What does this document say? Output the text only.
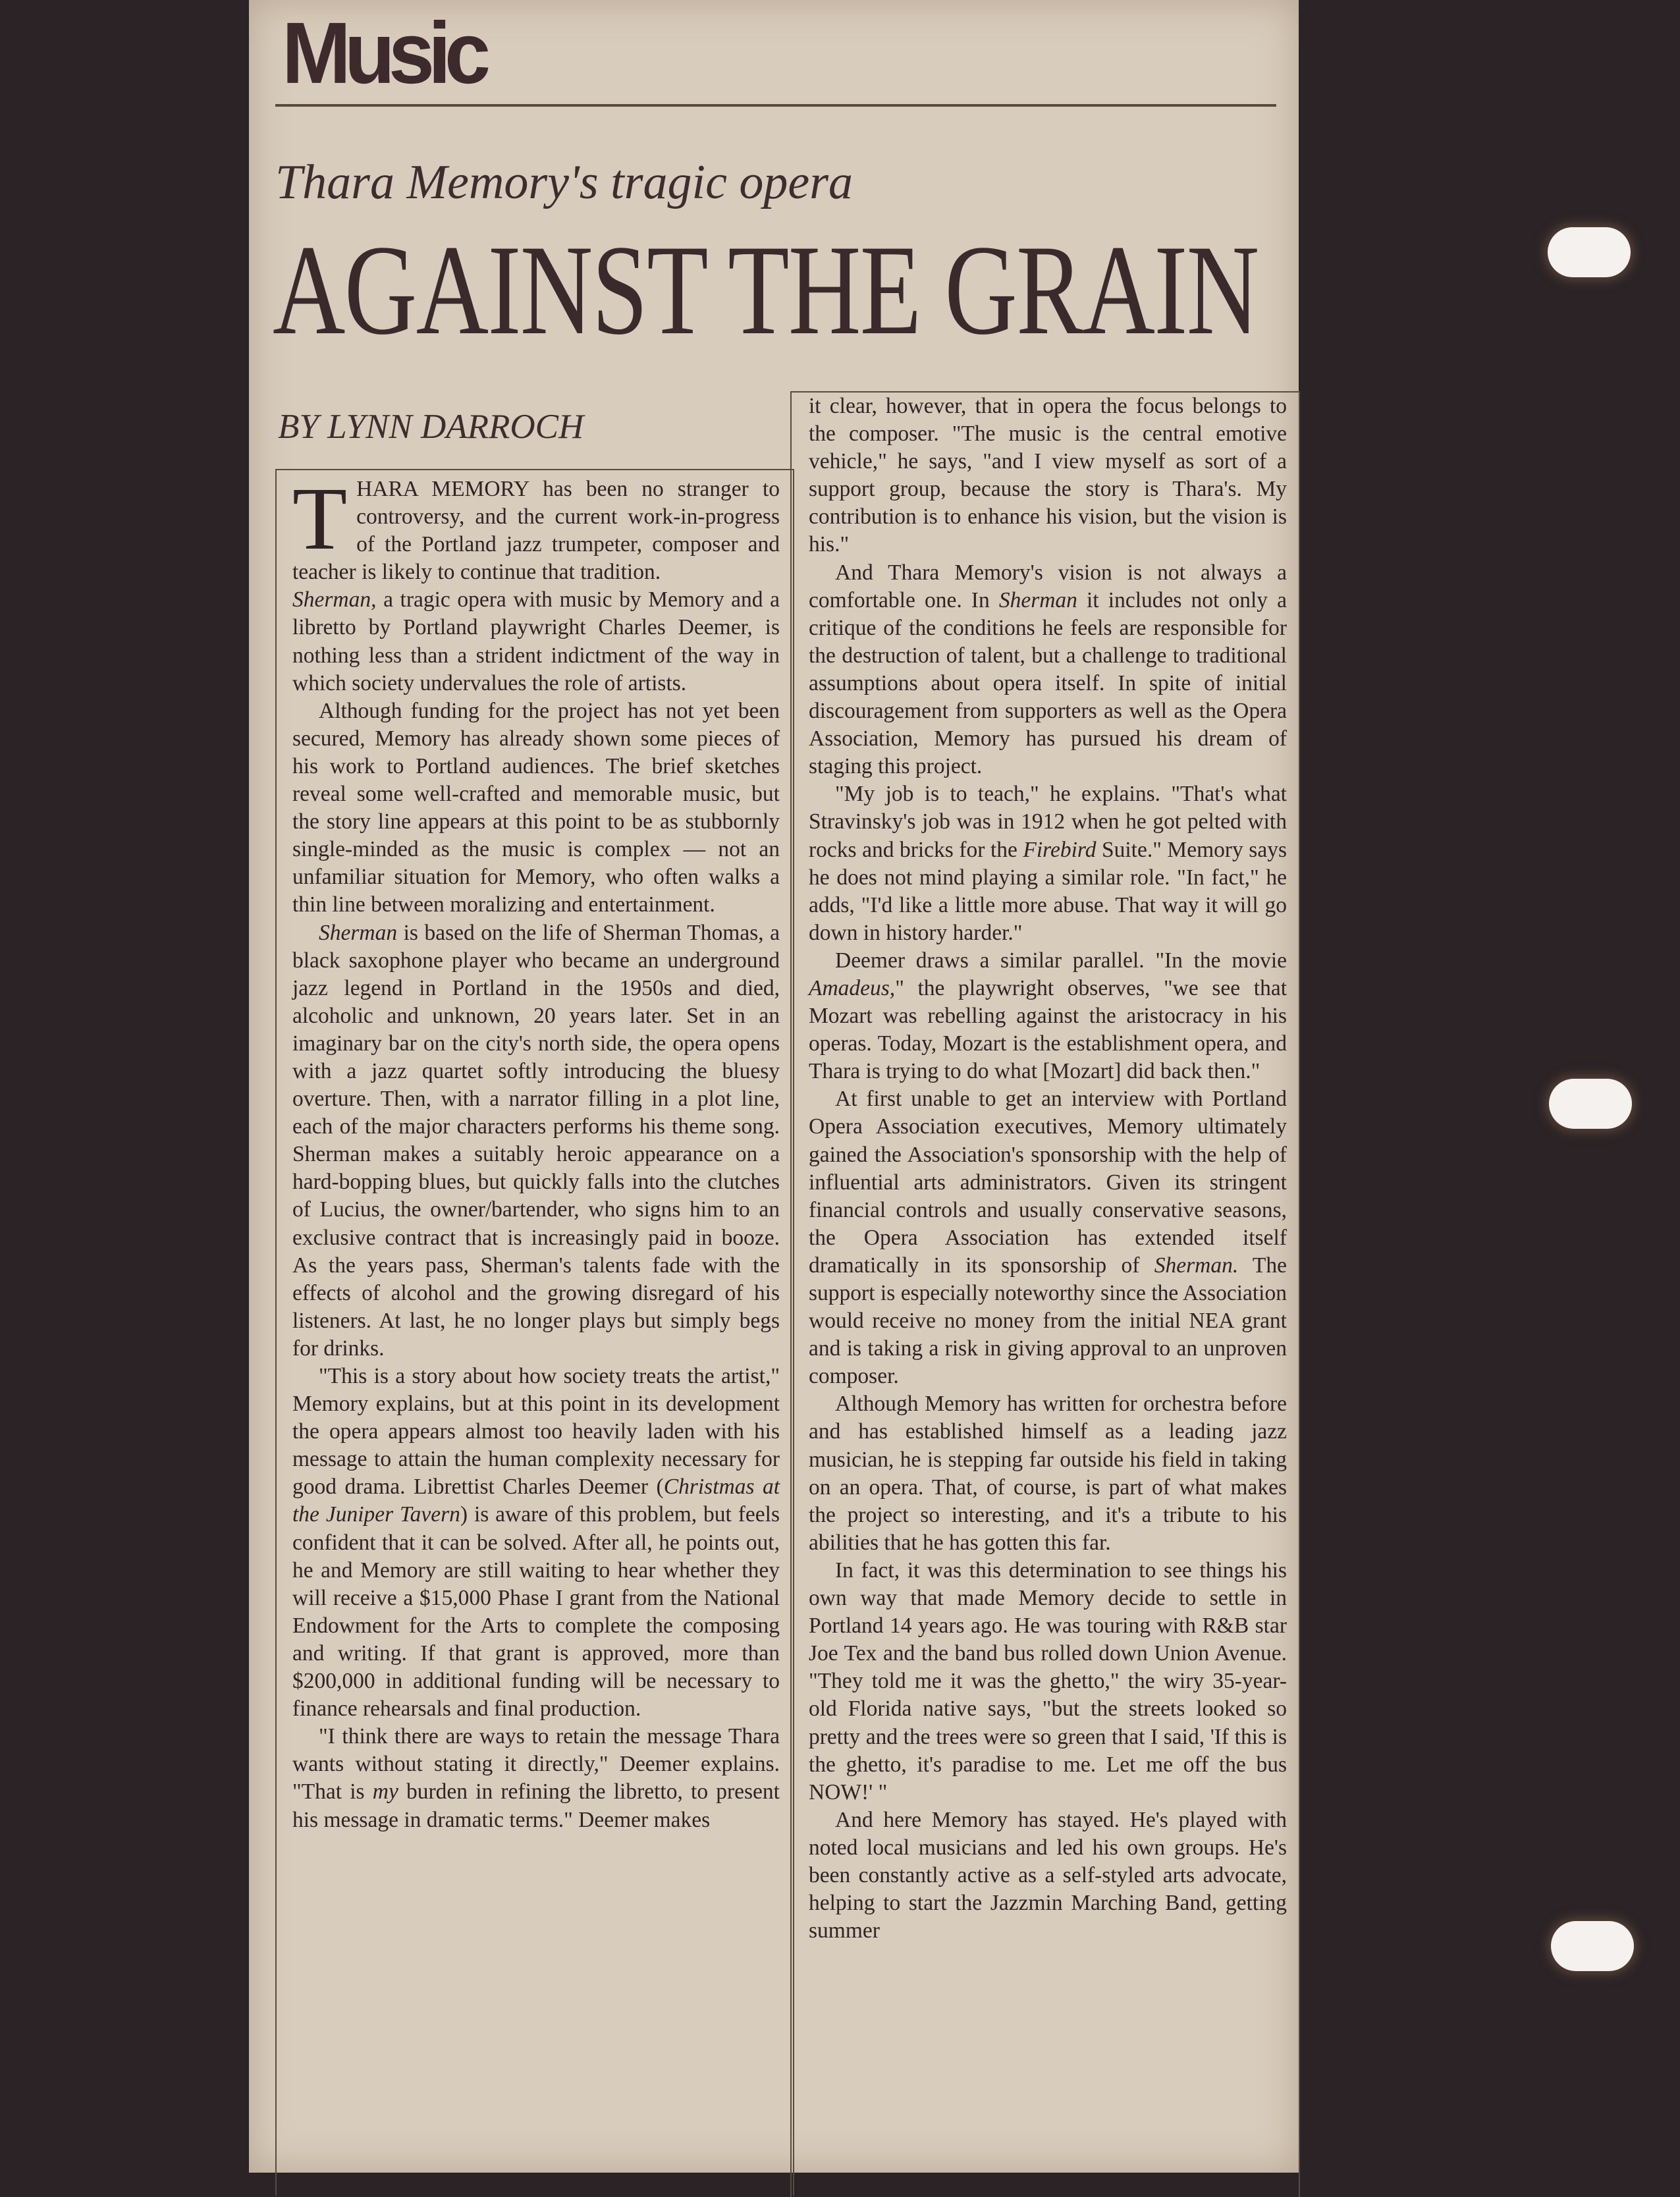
Music
Thara Memory's tragic opera
AGAINST THE GRAIN
BY LYNN DARROCH

THARA MEMORY has been no stranger to controversy, and the current work-in-progress of the Portland jazz trumpeter, composer and teacher is likely to continue that tradition.

Sherman, a tragic opera with music by Memory and a libretto by Portland playwright Charles Deemer, is nothing less than a strident indictment of the way in which society undervalues the role of artists.

Although funding for the project has not yet been secured, Memory has already shown some pieces of his work to Portland audiences. The brief sketches reveal some well-crafted and memorable music, but the story line appears at this point to be as stubbornly single-minded as the music is complex — not an unfamiliar situation for Memory, who often walks a thin line between moralizing and entertainment.

Sherman is based on the life of Sherman Thomas, a black saxophone player who became an underground jazz legend in Portland in the 1950s and died, alcoholic and unknown, 20 years later. Set in an imaginary bar on the city's north side, the opera opens with a jazz quartet softly introducing the bluesy overture. Then, with a narrator filling in a plot line, each of the major characters performs his theme song. Sherman makes a suitably heroic appearance on a hard-bopping blues, but quickly falls into the clutches of Lucius, the owner/bartender, who signs him to an exclusive contract that is increasingly paid in booze. As the years pass, Sherman's talents fade with the effects of alcohol and the growing disregard of his listeners. At last, he no longer plays but simply begs for drinks.

"This is a story about how society treats the artist," Memory explains, but at this point in its development the opera appears almost too heavily laden with his message to attain the human complexity necessary for good drama. Librettist Charles Deemer (Christmas at the Juniper Tavern) is aware of this problem, but feels confident that it can be solved. After all, he points out, he and Memory are still waiting to hear whether they will receive a $15,000 Phase I grant from the National Endowment for the Arts to complete the composing and writing. If that grant is approved, more than $200,000 in additional funding will be necessary to finance rehearsals and final production.

"I think there are ways to retain the message Thara wants without stating it directly," Deemer explains. "That is my burden in refining the libretto, to present his message in dramatic terms." Deemer makes

it clear, however, that in opera the focus belongs to the composer. "The music is the central emotive vehicle," he says, "and I view myself as sort of a support group, because the story is Thara's. My contribution is to enhance his vision, but the vision is his."

And Thara Memory's vision is not always a comfortable one. In Sherman it includes not only a critique of the conditions he feels are responsible for the destruction of talent, but a challenge to traditional assumptions about opera itself. In spite of initial discouragement from supporters as well as the Opera Association, Memory has pursued his dream of staging this project.

"My job is to teach," he explains. "That's what Stravinsky's job was in 1912 when he got pelted with rocks and bricks for the Firebird Suite." Memory says he does not mind playing a similar role. "In fact," he adds, "I'd like a little more abuse. That way it will go down in history harder."

Deemer draws a similar parallel. "In the movie Amadeus," the playwright observes, "we see that Mozart was rebelling against the aristocracy in his operas. Today, Mozart is the establishment opera, and Thara is trying to do what [Mozart] did back then."

At first unable to get an interview with Portland Opera Association executives, Memory ultimately gained the Association's sponsorship with the help of influential arts administrators. Given its stringent financial controls and usually conservative seasons, the Opera Association has extended itself dramatically in its sponsorship of Sherman. The support is especially noteworthy since the Association would receive no money from the initial NEA grant and is taking a risk in giving approval to an unproven composer.

Although Memory has written for orchestra before and has established himself as a leading jazz musician, he is stepping far outside his field in taking on an opera. That, of course, is part of what makes the project so interesting, and it's a tribute to his abilities that he has gotten this far.

In fact, it was this determination to see things his own way that made Memory decide to settle in Portland 14 years ago. He was touring with R&B star Joe Tex and the band bus rolled down Union Avenue. "They told me it was the ghetto," the wiry 35-year-old Florida native says, "but the streets looked so pretty and the trees were so green that I said, 'If this is the ghetto, it's paradise to me. Let me off the bus NOW!' "

And here Memory has stayed. He's played with noted local musicians and led his own groups. He's been constantly active as a self-styled arts advocate, helping to start the Jazzmin Marching Band, getting summer
